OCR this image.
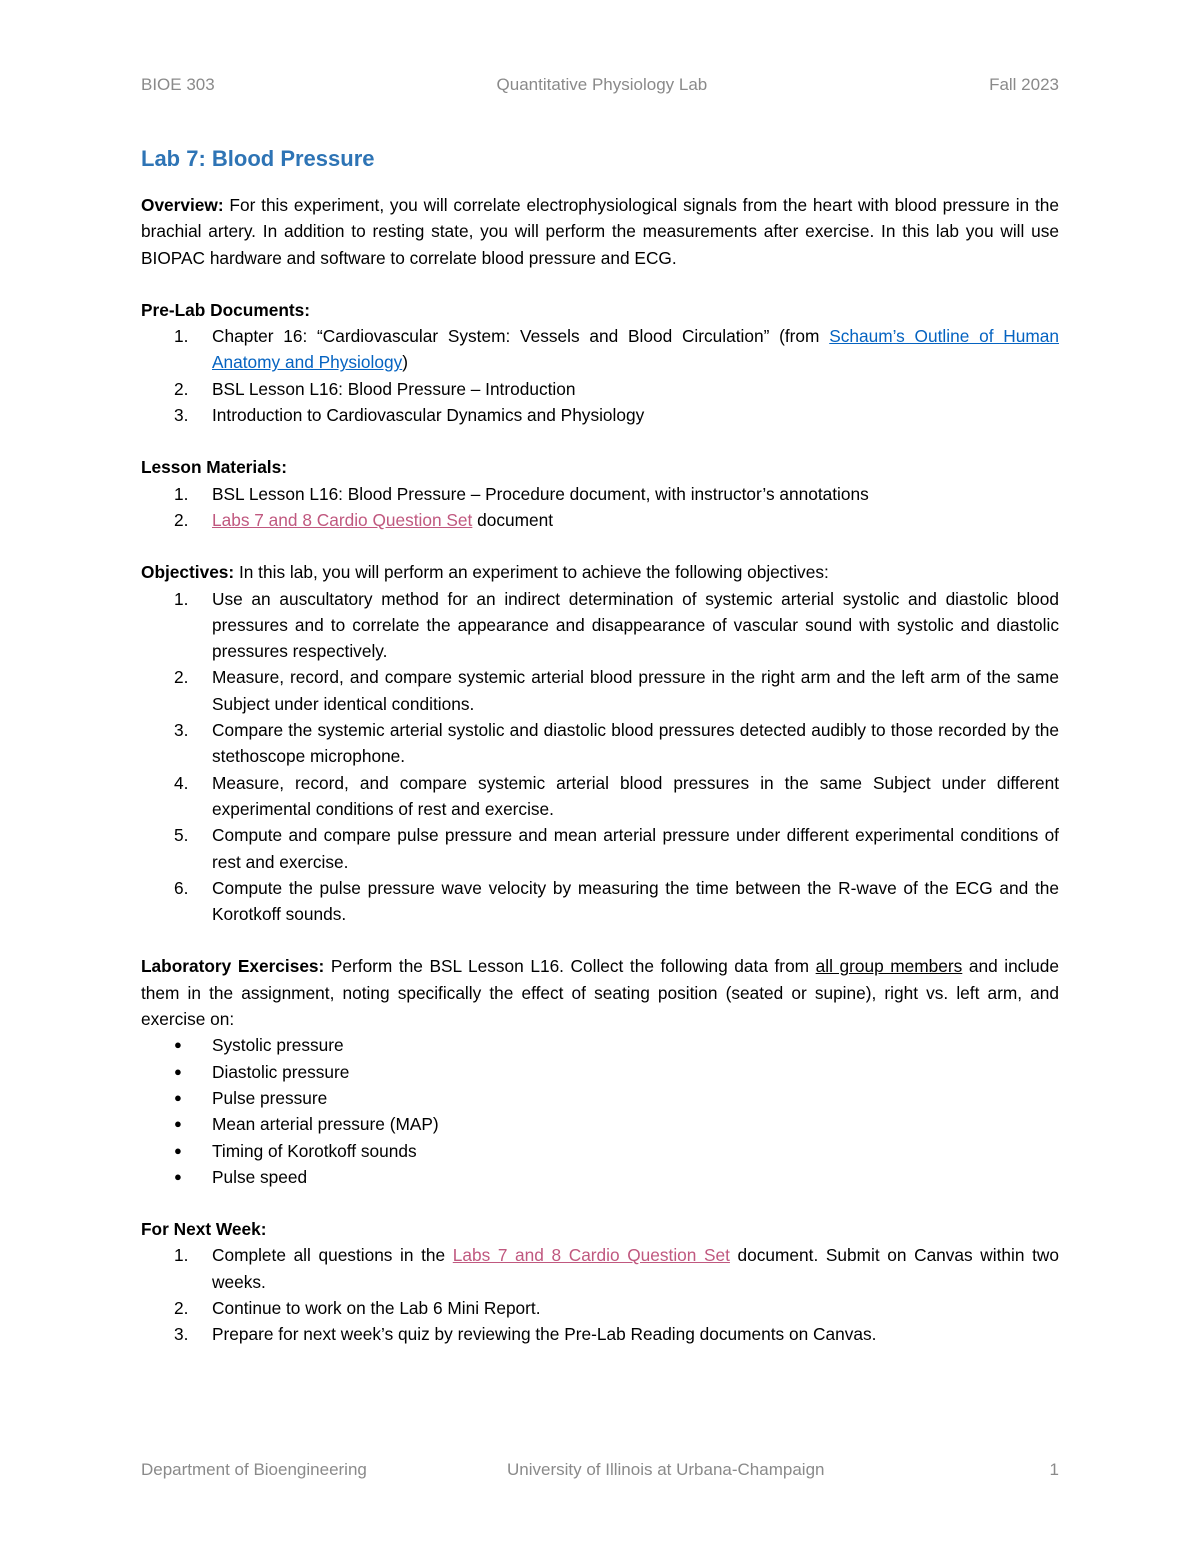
BIOE 303	Quantitative Physiology Lab	Fall 2023
Lab 7: Blood Pressure

Overview: For this experiment, you will correlate electrophysiological signals from the heart with blood pressure in the brachial artery. In addition to resting state, you will perform the measurements after exercise. In this lab you will use BIOPAC hardware and software to correlate blood pressure and ECG.

Pre-Lab Documents:
1.	Chapter 16: “Cardiovascular System: Vessels and Blood Circulation” (from Schaum’s Outline of Human Anatomy and Physiology)
2.	BSL Lesson L16: Blood Pressure – Introduction
3.	Introduction to Cardiovascular Dynamics and Physiology
Lesson Materials:
1.	BSL Lesson L16: Blood Pressure – Procedure document, with instructor’s annotations
2.	Labs 7 and 8 Cardio Question Set document

Objectives: In this lab, you will perform an experiment to achieve the following objectives:

1.	Use an auscultatory method for an indirect determination of systemic arterial systolic and diastolic blood pressures and to correlate the appearance and disappearance of vascular sound with systolic and diastolic pressures respectively.
2.	Measure, record, and compare systemic arterial blood pressure in the right arm and the left arm of the same Subject under identical conditions.
3.	Compare the systemic arterial systolic and diastolic blood pressures detected audibly to those recorded by the stethoscope microphone.
4.	Measure, record, and compare systemic arterial blood pressures in the same Subject under different experimental conditions of rest and exercise.
5.	Compute and compare pulse pressure and mean arterial pressure under different experimental conditions of rest and exercise.
6.	Compute the pulse pressure wave velocity by measuring the time between the R-wave of the ECG and the Korotkoff sounds.

Laboratory Exercises: Perform the BSL Lesson L16. Collect the following data from all group members and include them in the assignment, noting specifically the effect of seating position (seated or supine), right vs. left arm, and exercise on:

●	Systolic pressure
●	Diastolic pressure
●	Pulse pressure
●	Mean arterial pressure (MAP)
●	Timing of Korotkoff sounds
●	Pulse speed
For Next Week:
1.	Complete all questions in the Labs 7 and 8 Cardio Question Set document. Submit on Canvas within two weeks.
2.	Continue to work on the Lab 6 Mini Report.
3.	Prepare for next week’s quiz by reviewing the Pre-Lab Reading documents on Canvas.
Department of Bioengineering	University of Illinois at Urbana-Champaign	1
